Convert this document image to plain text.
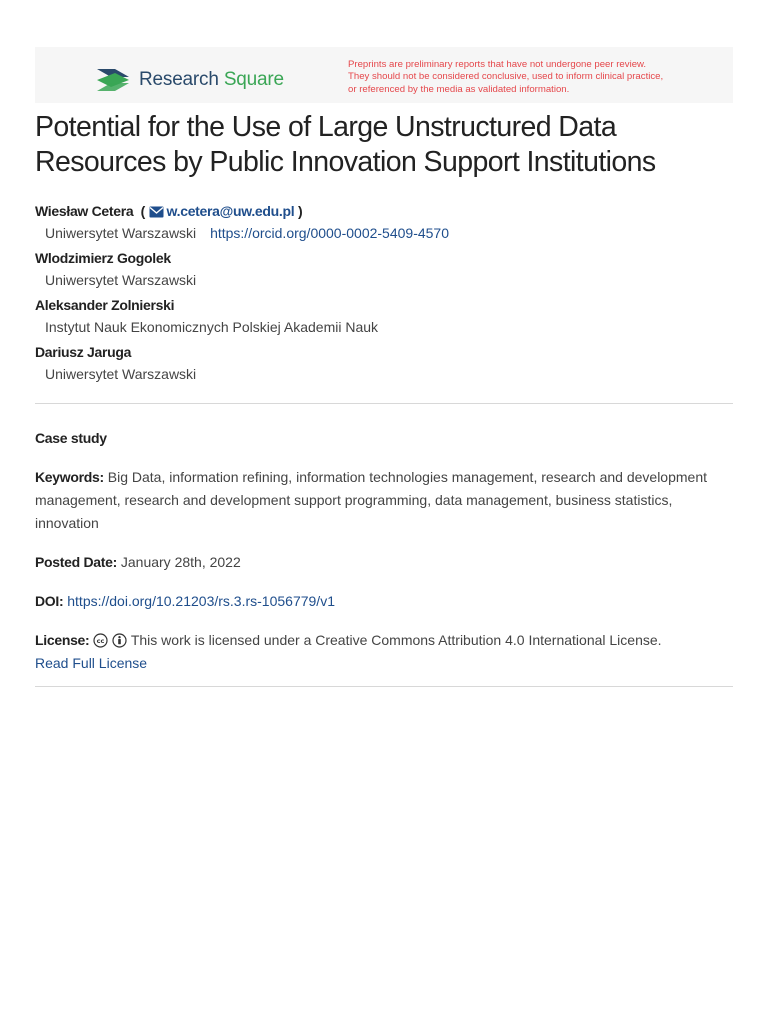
Research Square
Preprints are preliminary reports that have not undergone peer review.
They should not be considered conclusive, used to inform clinical practice,
or referenced by the media as validated information.
Potential for the Use of Large Unstructured Data Resources by Public Innovation Support Institutions
Wiesław Cetera ( w.cetera@uw.edu.pl )
Uniwersytet Warszawski https://orcid.org/0000-0002-5409-4570
Wlodzimierz Gogolek
Uniwersytet Warszawski
Aleksander Zolnierski
Instytut Nauk Ekonomicznych Polskiej Akademii Nauk
Dariusz Jaruga
Uniwersytet Warszawski
Case study
Keywords: Big Data, information refining, information technologies management, research and development management, research and development support programming, data management, business statistics, innovation
Posted Date: January 28th, 2022
DOI: https://doi.org/10.21203/rs.3.rs-1056779/v1
License: cc This work is licensed under a Creative Commons Attribution 4.0 International License.
Read Full License
